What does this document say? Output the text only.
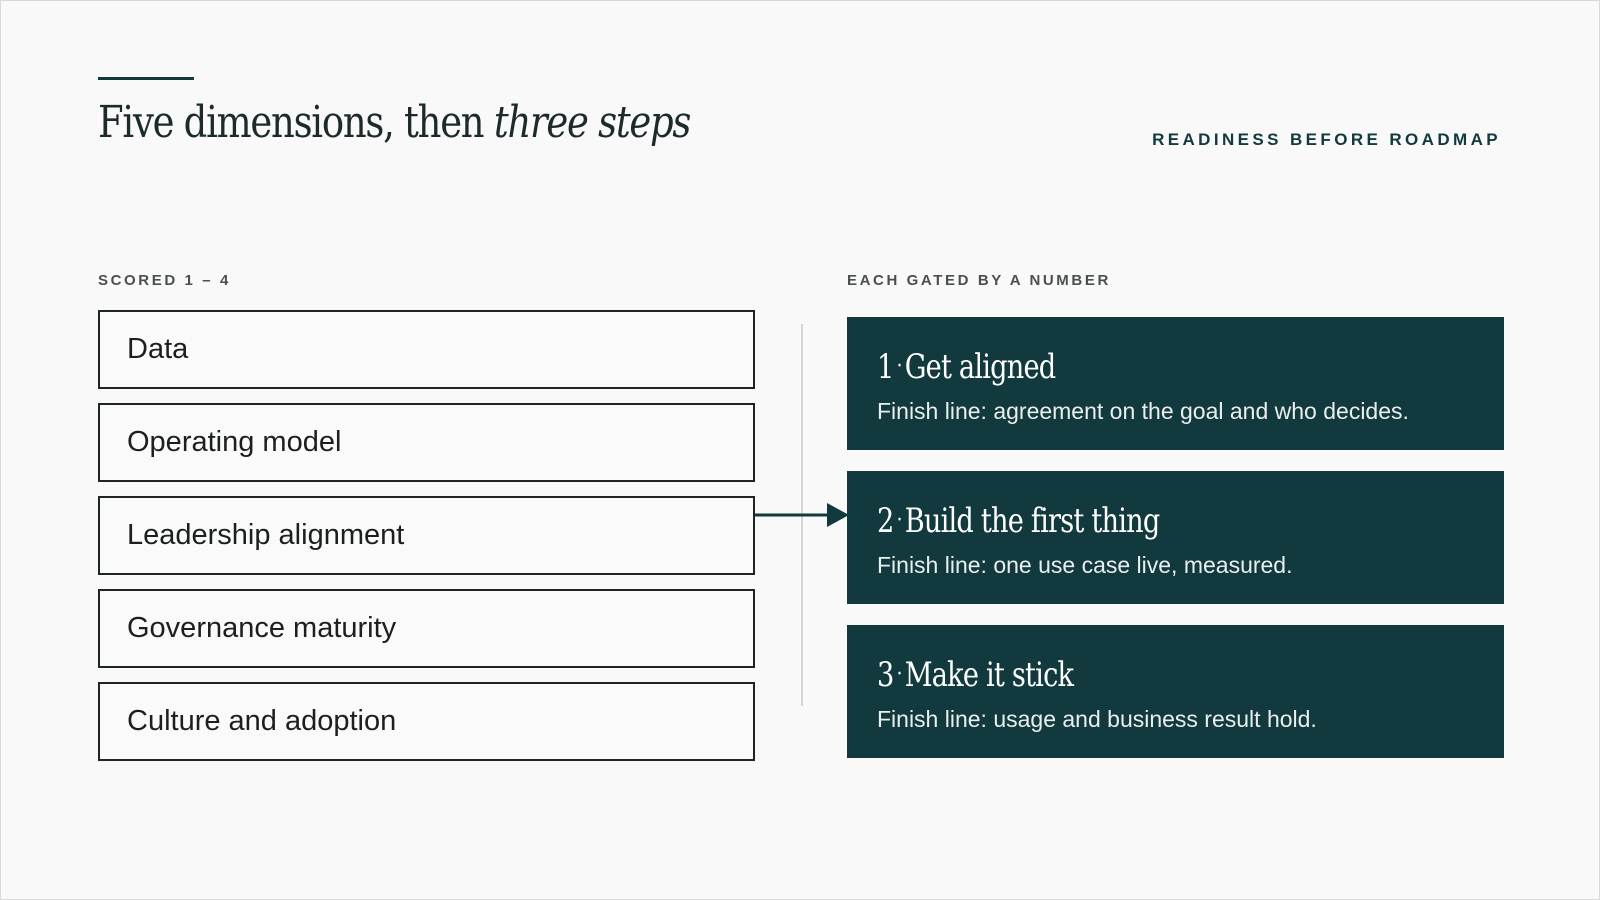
Five dimensions, then three steps	READINESS BEFORE ROADMAP
SCORED 1 – 4	EACH GATED BY A NUMBER
Data
Operating model
Leadership alignment
Governance maturity
Culture and adoption
1 ·Get aligned
Finish line: agreement on the goal and who decides.
2 ·Build the first thing
Finish line: one use case live, measured.
3 ·Make it stick
Finish line: usage and business result hold.
